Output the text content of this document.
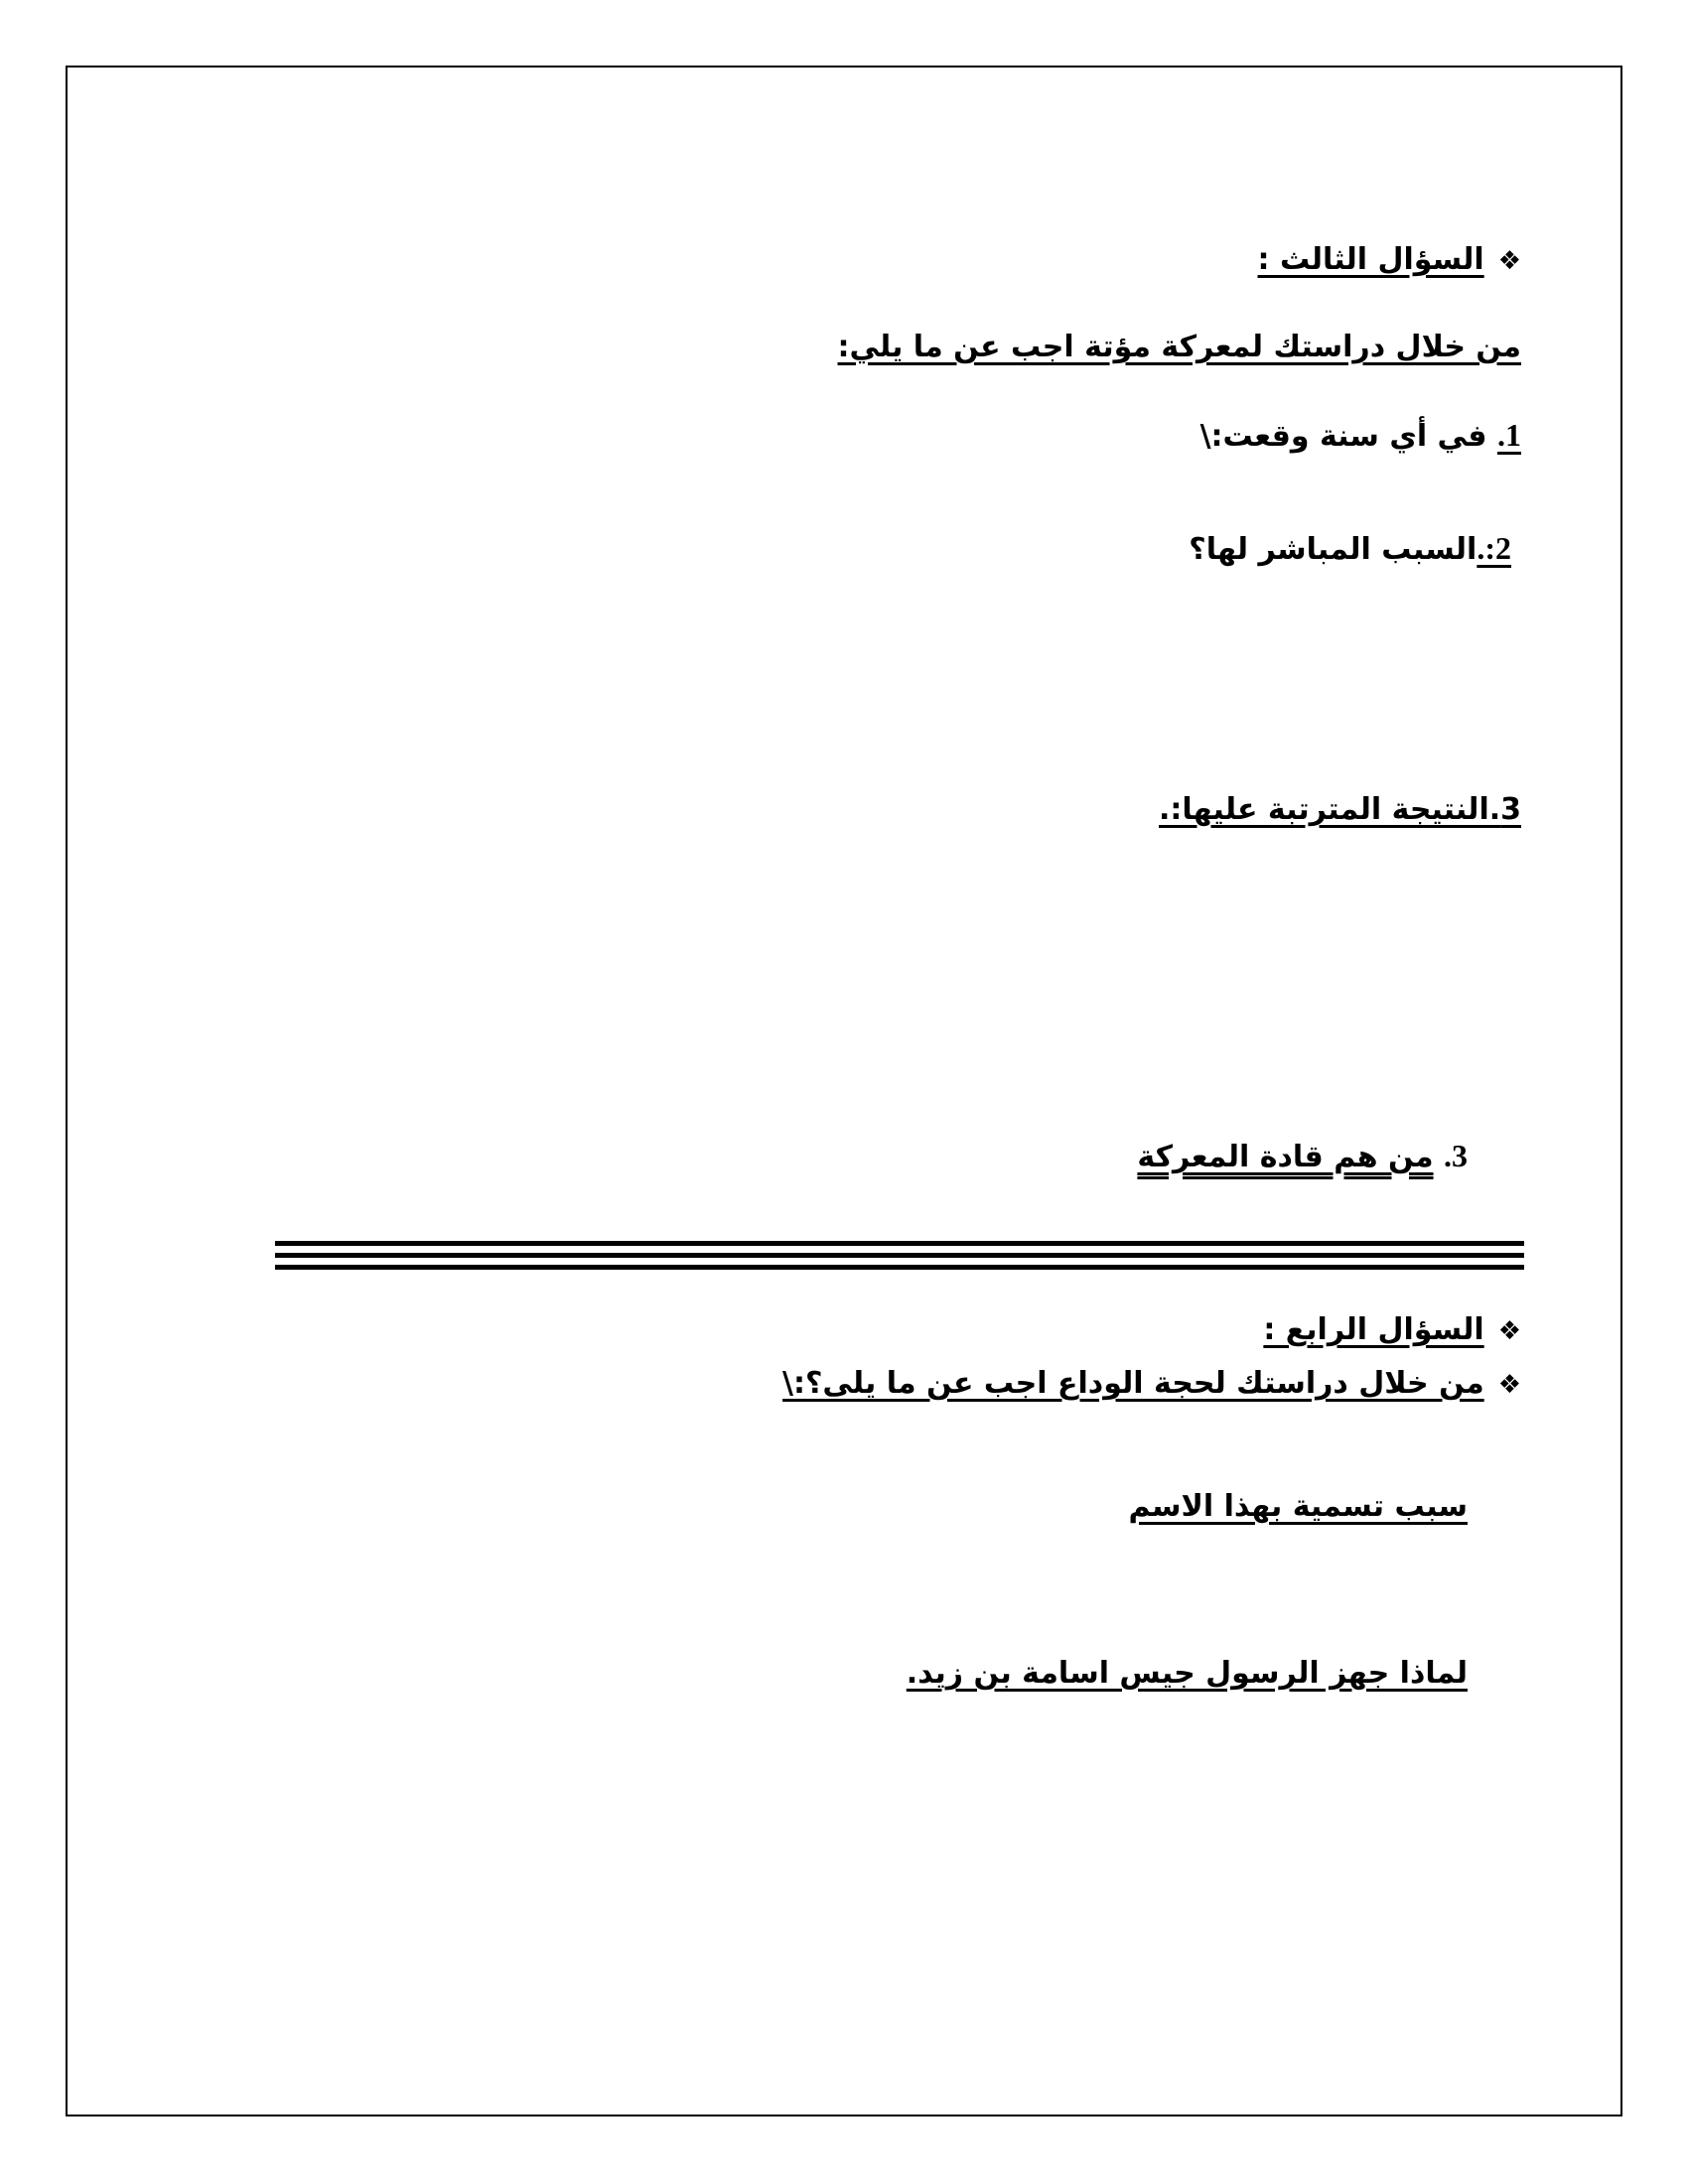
❖السؤال الثالث :
من خلال دراستك لمعركة مؤتة اجب عن ما يلي:
1. في أي سنة وقعت:\
2:.السبب المباشر لها؟
3.النتيجة المترتبة عليها:.
3. من هم قادة المعركة
❖السؤال الرابع :
❖من خلال دراستك لحجة الوداع اجب عن ما يلى؟:\
سبب تسمية بهذا الاسم
لماذا جهز الرسول جيس اسامة بن زيد.
